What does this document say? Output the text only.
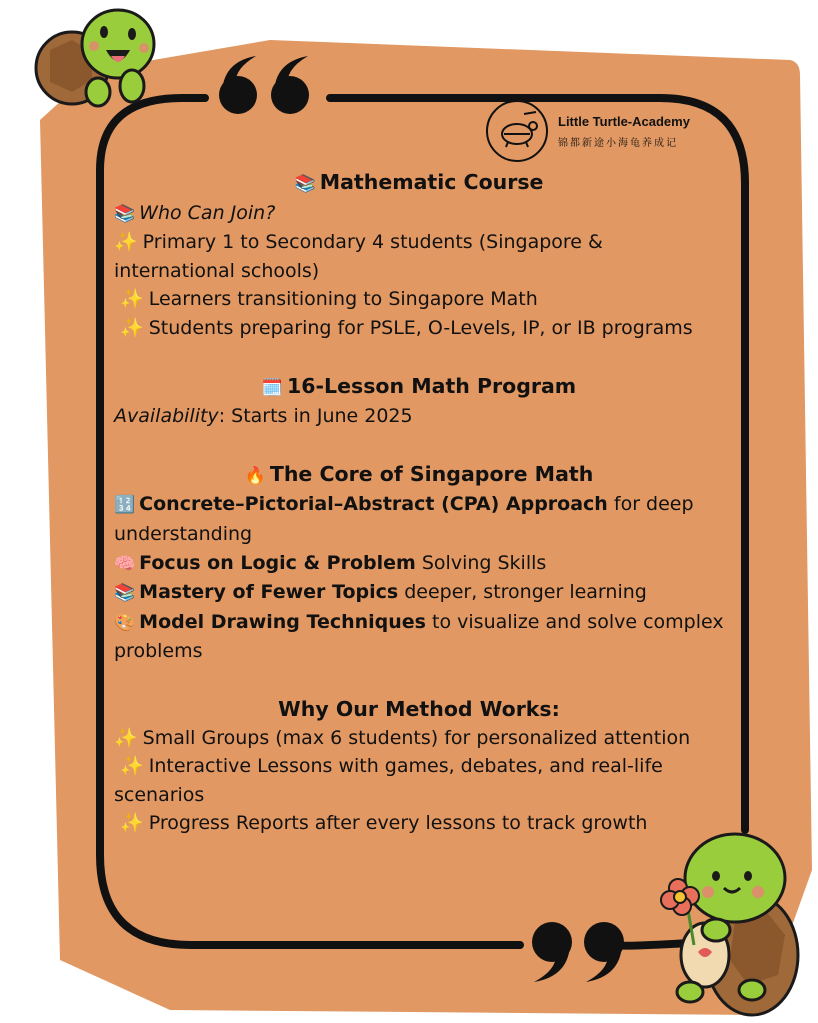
Little Turtle-Academy
锦都新途小海龟养成记

📚 Mathematic Course

📚 Who Can Join?

✨ Primary 1 to Secondary 4 students (Singapore & international schools)

✨ Learners transitioning to Singapore Math

✨ Students preparing for PSLE, O-Levels, IP, or IB programs

🗓️ 16-Lesson Math Program

Availability: Starts in June 2025

🔥 The Core of Singapore Math

🔢 Concrete–Pictorial–Abstract (CPA) Approach for deep understanding

🧠 Focus on Logic & Problem Solving Skills

📚 Mastery of Fewer Topics deeper, stronger learning

🎨 Model Drawing Techniques to visualize and solve complex problems

Why Our Method Works:

✨ Small Groups (max 6 students) for personalized attention

✨ Interactive Lessons with games, debates, and real-life scenarios

✨ Progress Reports after every lessons to track growth
